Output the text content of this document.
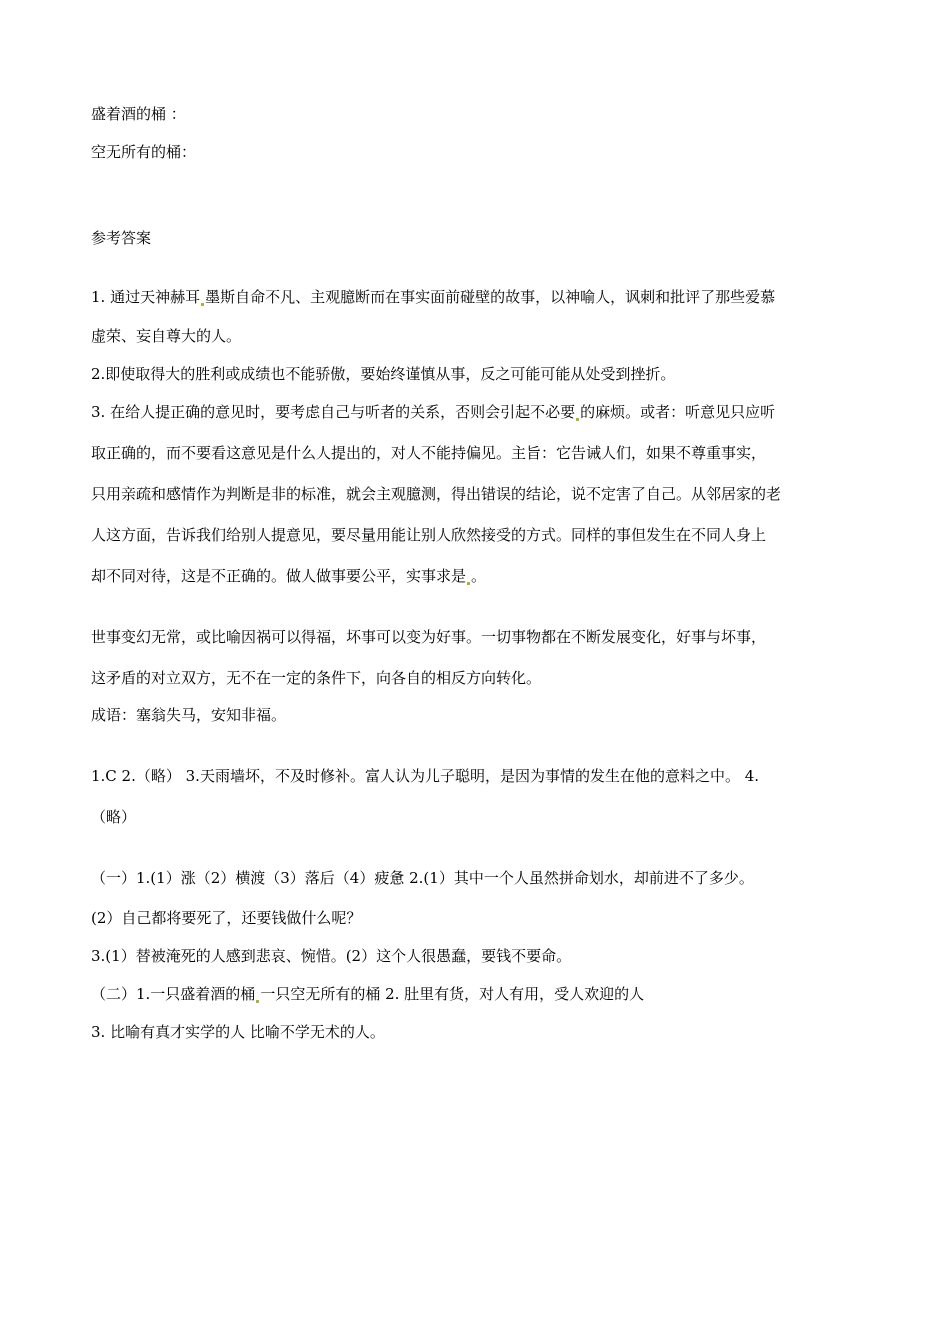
盛着酒的桶 ：
空无所有的桶：
参考答案
1. 通过天神赫耳 墨斯自命不凡、主观臆断而在事实面前碰壁的故事，以神喻人，讽刺和批评了那些爱慕
虚荣、妄自尊大的人。
2.即使取得大的胜利或成绩也不能骄傲，要始终谨慎从事，反之可能可能从处受到挫折。
3. 在给人提正确的意见时，要考虑自己与听者的关系，否则会引起不必要 的麻烦。或者：听意见只应听
取正确的，而不要看这意见是什么人提出的，对人不能持偏见。主旨：它告诫人们，如果不尊重事实，
只用亲疏和感情作为判断是非的标准，就会主观臆测，得出错误的结论，说不定害了自己。从邻居家的老
人这方面，告诉我们给别人提意见，要尽量用能让别人欣然接受的方式。同样的事但发生在不同人身上
却不同对待，这是不正确的。做人做事要公平，实事求是 。
世事变幻无常，或比喻因祸可以得福，坏事可以变为好事。一切事物都在不断发展变化，好事与坏事，
这矛盾的对立双方，无不在一定的条件下，向各自的相反方向转化。
成语：塞翁失马，安知非福。
1.C 2.（略） 3.天雨墙坏，不及时修补。富人认为儿子聪明，是因为事情的发生在他的意料之中。 4.
（略）
（一）1.(1）涨（2）横渡（3）落后（4）疲惫 2.(1）其中一个人虽然拼命划水，却前进不了多少。
(2）自己都将要死了，还要钱做什么呢？
3.(1）替被淹死的人感到悲哀、惋惜。(2）这个人很愚蠢，要钱不要命。
（二）1.一只盛着酒的桶 一只空无所有的桶 2. 肚里有货，对人有用，受人欢迎的人
3. 比喻有真才实学的人 比喻不学无术的人。
